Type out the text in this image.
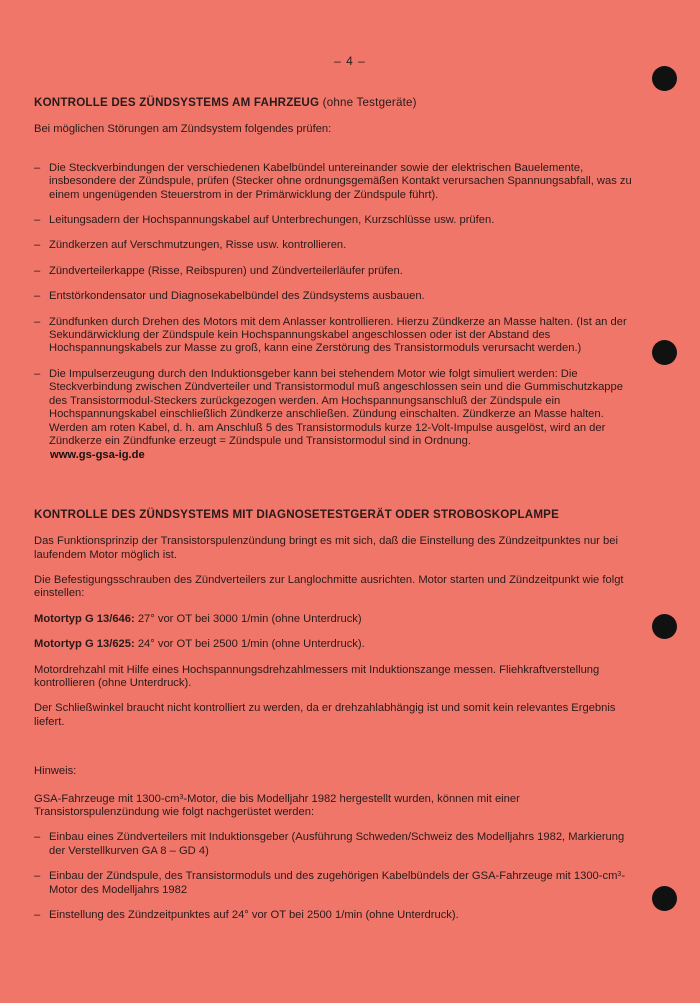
– 4 –
KONTROLLE DES ZÜNDSYSTEMS AM FAHRZEUG (ohne Testgeräte)

Bei möglichen Störungen am Zündsystem folgendes prüfen:

– Die Steckverbindungen der verschiedenen Kabelbündel untereinander sowie der elektrischen Bauelemente, insbesondere der Zündspule, prüfen (Stecker ohne ordnungsgemäßen Kontakt verursachen Spannungsabfall, was zu einem ungenügenden Steuerstrom in der Primärwicklung der Zündspule führt).
– Leitungsadern der Hochspannungskabel auf Unterbrechungen, Kurzschlüsse usw. prüfen.
– Zündkerzen auf Verschmutzungen, Risse usw. kontrollieren.
– Zündverteilerkappe (Risse, Reibspuren) und Zündverteilerläufer prüfen.
– Entstörkondensator und Diagnosekabelbündel des Zündsystems ausbauen.
– Zündfunken durch Drehen des Motors mit dem Anlasser kontrollieren. Hierzu Zündkerze an Masse halten. (Ist an der Sekundärwicklung der Zündspule kein Hochspannungskabel angeschlossen oder ist der Abstand des Hochspannungskabels zur Masse zu groß, kann eine Zerstörung des Transistormoduls verursacht werden.)
– Die Impulserzeugung durch den Induktionsgeber kann bei stehendem Motor wie folgt simuliert werden: Die Steckverbindung zwischen Zündverteiler und Transistormodul muß angeschlossen sein und die Gummischutzkappe des Transistormodul-Steckers zurückgezogen werden. Am Hochspannungsanschluß der Zündspule ein Hochspannungskabel einschließlich Zündkerze anschließen. Zündung einschalten. Zündkerze an Masse halten. Werden am roten Kabel, d. h. am Anschluß 5 des Transistormoduls kurze 12-Volt-Impulse ausgelöst, wird an der Zündkerze ein Zündfunke erzeugt = Zündspule und Transistormodul sind in Ordnung.
www.gs-gsa-ig.de
KONTROLLE DES ZÜNDSYSTEMS MIT DIAGNOSETESTGERÄT ODER STROBOSKOPLAMPE

Das Funktionsprinzip der Transistorspulenzündung bringt es mit sich, daß die Einstellung des Zündzeitpunktes nur bei laufendem Motor möglich ist.

Die Befestigungsschrauben des Zündverteilers zur Langlochmitte ausrichten. Motor starten und Zündzeitpunkt wie folgt einstellen:

Motortyp G 13/646: 27° vor OT bei 3000 1/min (ohne Unterdruck)

Motortyp G 13/625: 24° vor OT bei 2500 1/min (ohne Unterdruck).

Motordrehzahl mit Hilfe eines Hochspannungsdrehzahlmessers mit Induktionszange messen. Fliehkraftverstellung kontrollieren (ohne Unterdruck).

Der Schließwinkel braucht nicht kontrolliert zu werden, da er drehzahlabhängig ist und somit kein relevantes Ergebnis liefert.

Hinweis:

GSA-Fahrzeuge mit $1300-cm^3$-Motor, die bis Modelljahr 1982 hergestellt wurden, können mit einer Transistorspulenzündung wie folgt nachgerüstet werden:

– Einbau eines Zündverteilers mit Induktionsgeber (Ausführung Schweden/Schweiz des Modelljahrs 1982, Markierung der Verstellkurven GA 8 – GD 4)
– Einbau der Zündspule, des Transistormoduls und des zugehörigen Kabelbündels der GSA-Fahrzeuge mit $1300-cm^3$-Motor des Modelljahrs 1982
– Einstellung des Zündzeitpunktes auf 24° vor OT bei 2500 1/min (ohne Unterdruck).
